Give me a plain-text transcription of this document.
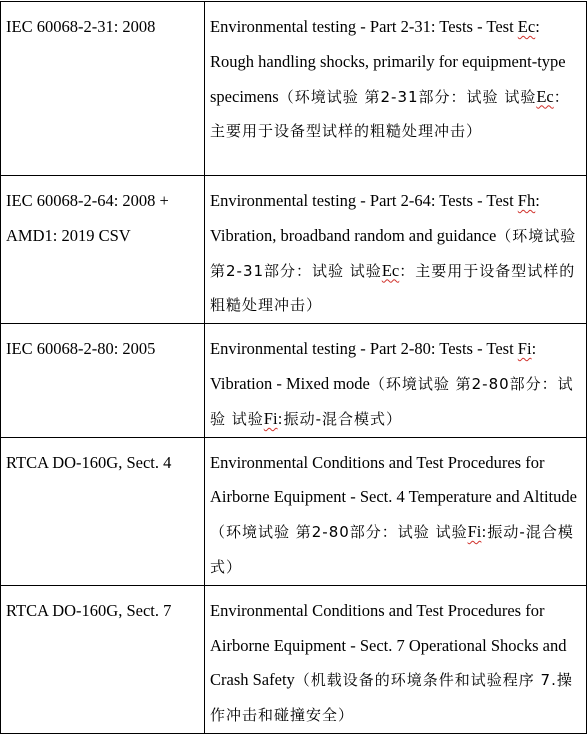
IEC 60068-2-31: 2008	Environmental testing - Part 2-31: Tests - Test Ec: Rough handling shocks, primarily for equipment-type specimens（环境试验 第2-31部分：试验 试验Ec：主要用于设备型试样的粗糙处理冲击）
IEC 60068-2-64: 2008 + AMD1: 2019 CSV	Environmental testing - Part 2-64: Tests - Test Fh: Vibration, broadband random and guidance（环境试验 第2-31部分：试验 试验Ec：主要用于设备型试样的粗糙处理冲击）
IEC 60068-2-80: 2005	Environmental testing - Part 2-80: Tests - Test Fi: Vibration - Mixed mode（环境试验 第2-80部分：试验 试验Fi:振动-混合模式）
RTCA DO-160G, Sect. 4	Environmental Conditions and Test Procedures for Airborne Equipment - Sect. 4 Temperature and Altitude（环境试验 第2-80部分：试验 试验Fi:振动-混合模式）
RTCA DO-160G, Sect. 7	Environmental Conditions and Test Procedures for Airborne Equipment - Sect. 7 Operational Shocks and Crash Safety（机载设备的环境条件和试验程序 7.操作冲击和碰撞安全）
